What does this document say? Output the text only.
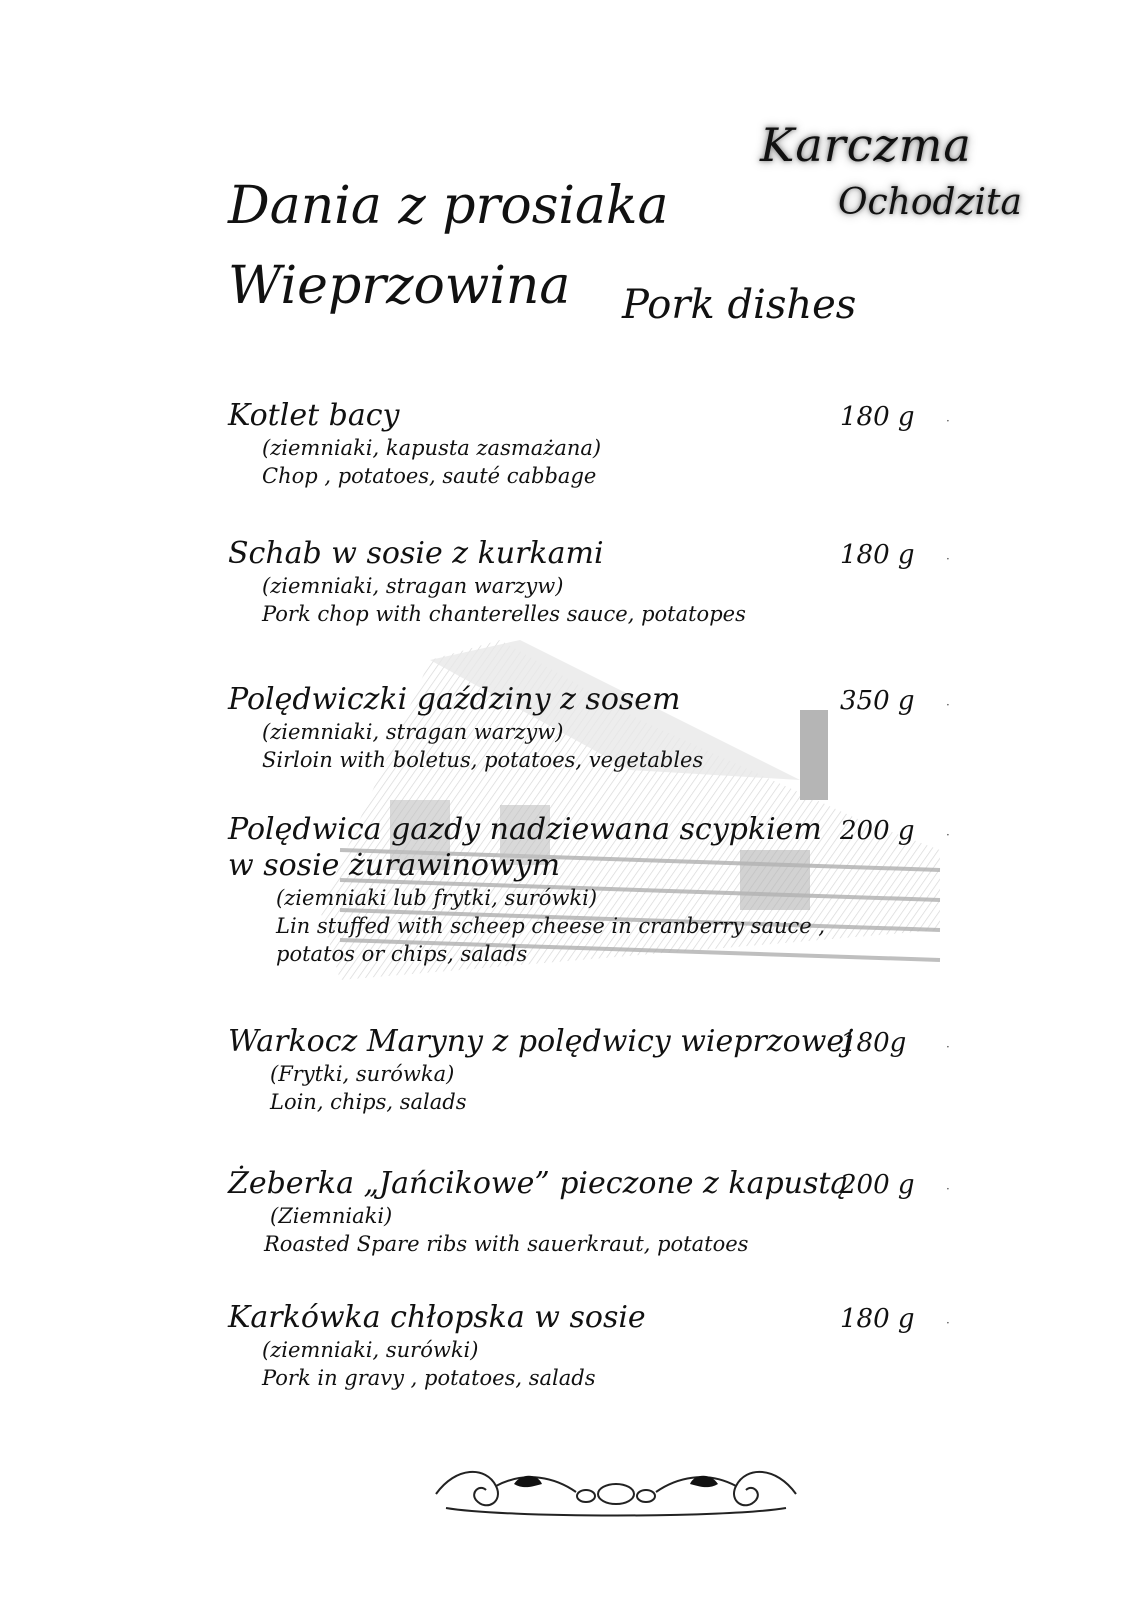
Karczma
Ochodzita
Dania z prosiaka
Wieprzowina Pork dishes
Kotlet bacy
(ziemniaki, kapusta zasmażana)
Chop , potatoes, sauté cabbage
180 g	·
Schab w sosie z kurkami
(ziemniaki, stragan warzyw)
Pork chop with chanterelles sauce, potatopes
180 g	·
Polędwiczki gaździny z sosem
(ziemniaki, stragan warzyw)
Sirloin with boletus, potatoes, vegetables
350 g	·
Polędwica gazdy nadziewana scypkiem
w sosie żurawinowym
(ziemniaki lub frytki, surówki)
Lin stuffed with scheep cheese in cranberry sauce ,
potatos or chips, salads
200 g	·
Warkocz Maryny z polędwicy wieprzowej
(Frytki, surówka)
Loin, chips, salads
180g	·
Żeberka „Jańcikowe” pieczone z kapustą
(Ziemniaki)
Roasted Spare ribs with sauerkraut, potatoes
200 g	·
Karkówka chłopska w sosie
(ziemniaki, surówki)
Pork in gravy , potatoes, salads
180 g	·
